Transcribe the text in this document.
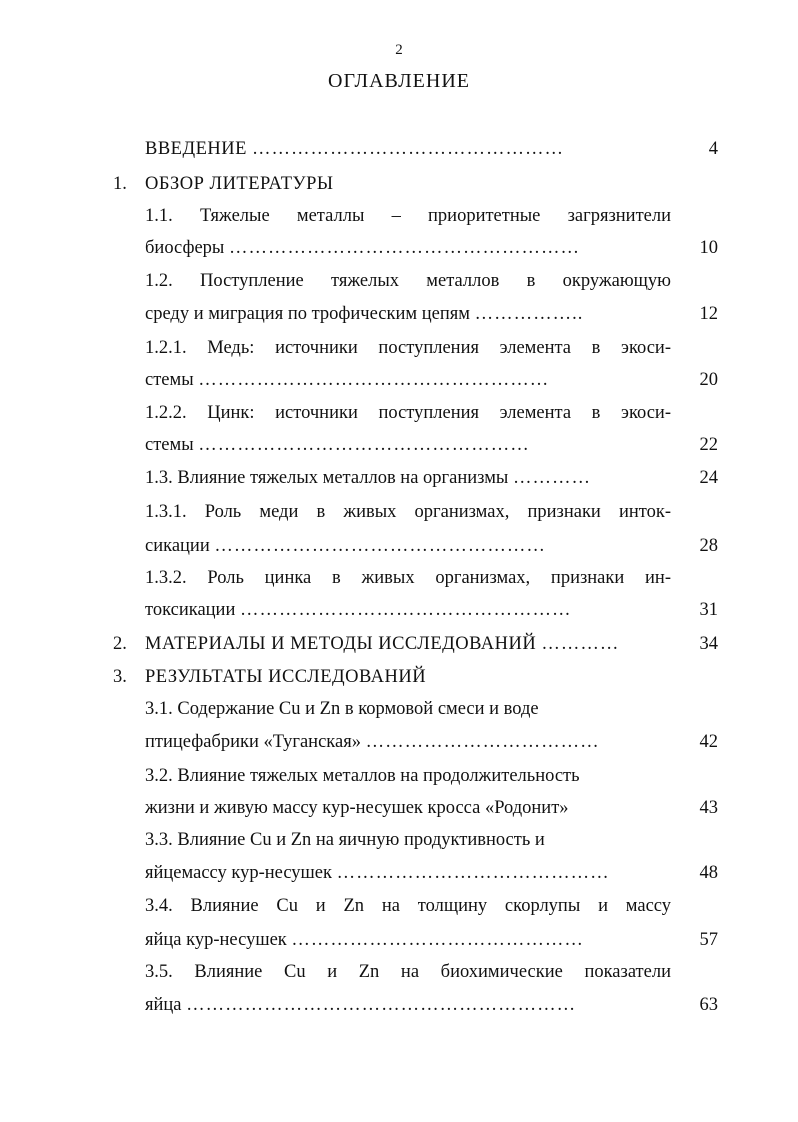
2
ОГЛАВЛЕНИЕ
ВВЕДЕНИЕ …………………………………………	4
1. ОБЗОР ЛИТЕРАТУРЫ
1.1. Тяжелые металлы – приоритетные загрязнители
биосферы ………………………………………………	10
1.2. Поступление тяжелых металлов в окружающую
среду и миграция по трофическим цепям ……………..	12
1.2.1. Медь: источники поступления элемента в экоси-
стемы ………………………………………………	20
1.2.2. Цинк: источники поступления элемента в экоси-
стемы ……………………………………………	22
1.3. Влияние тяжелых металлов на организмы …………	24
1.3.1. Роль меди в живых организмах, признаки инток-
сикации ……………………………………………	28
1.3.2. Роль цинка в живых организмах, признаки ин-
токсикации ……………………………………………	31
2. МАТЕРИАЛЫ И МЕТОДЫ ИССЛЕДОВАНИЙ …………	34
3. РЕЗУЛЬТАТЫ ИССЛЕДОВАНИЙ
3.1. Содержание Cu и Zn в кормовой смеси и воде
птицефабрики «Туганская» ………………………………	42
3.2. Влияние тяжелых металлов на продолжительность
жизни и живую массу кур-несушек кросса «Родонит»	43
3.3. Влияние Cu и Zn на яичную продуктивность и
яйцемассу кур-несушек ……………………………………	48
3.4. Влияние Cu и Zn на толщину скорлупы и массу
яйца кур-несушек ………………………………………	57
3.5. Влияние Cu и Zn на биохимические показатели
яйца ……………………………………………………	63
